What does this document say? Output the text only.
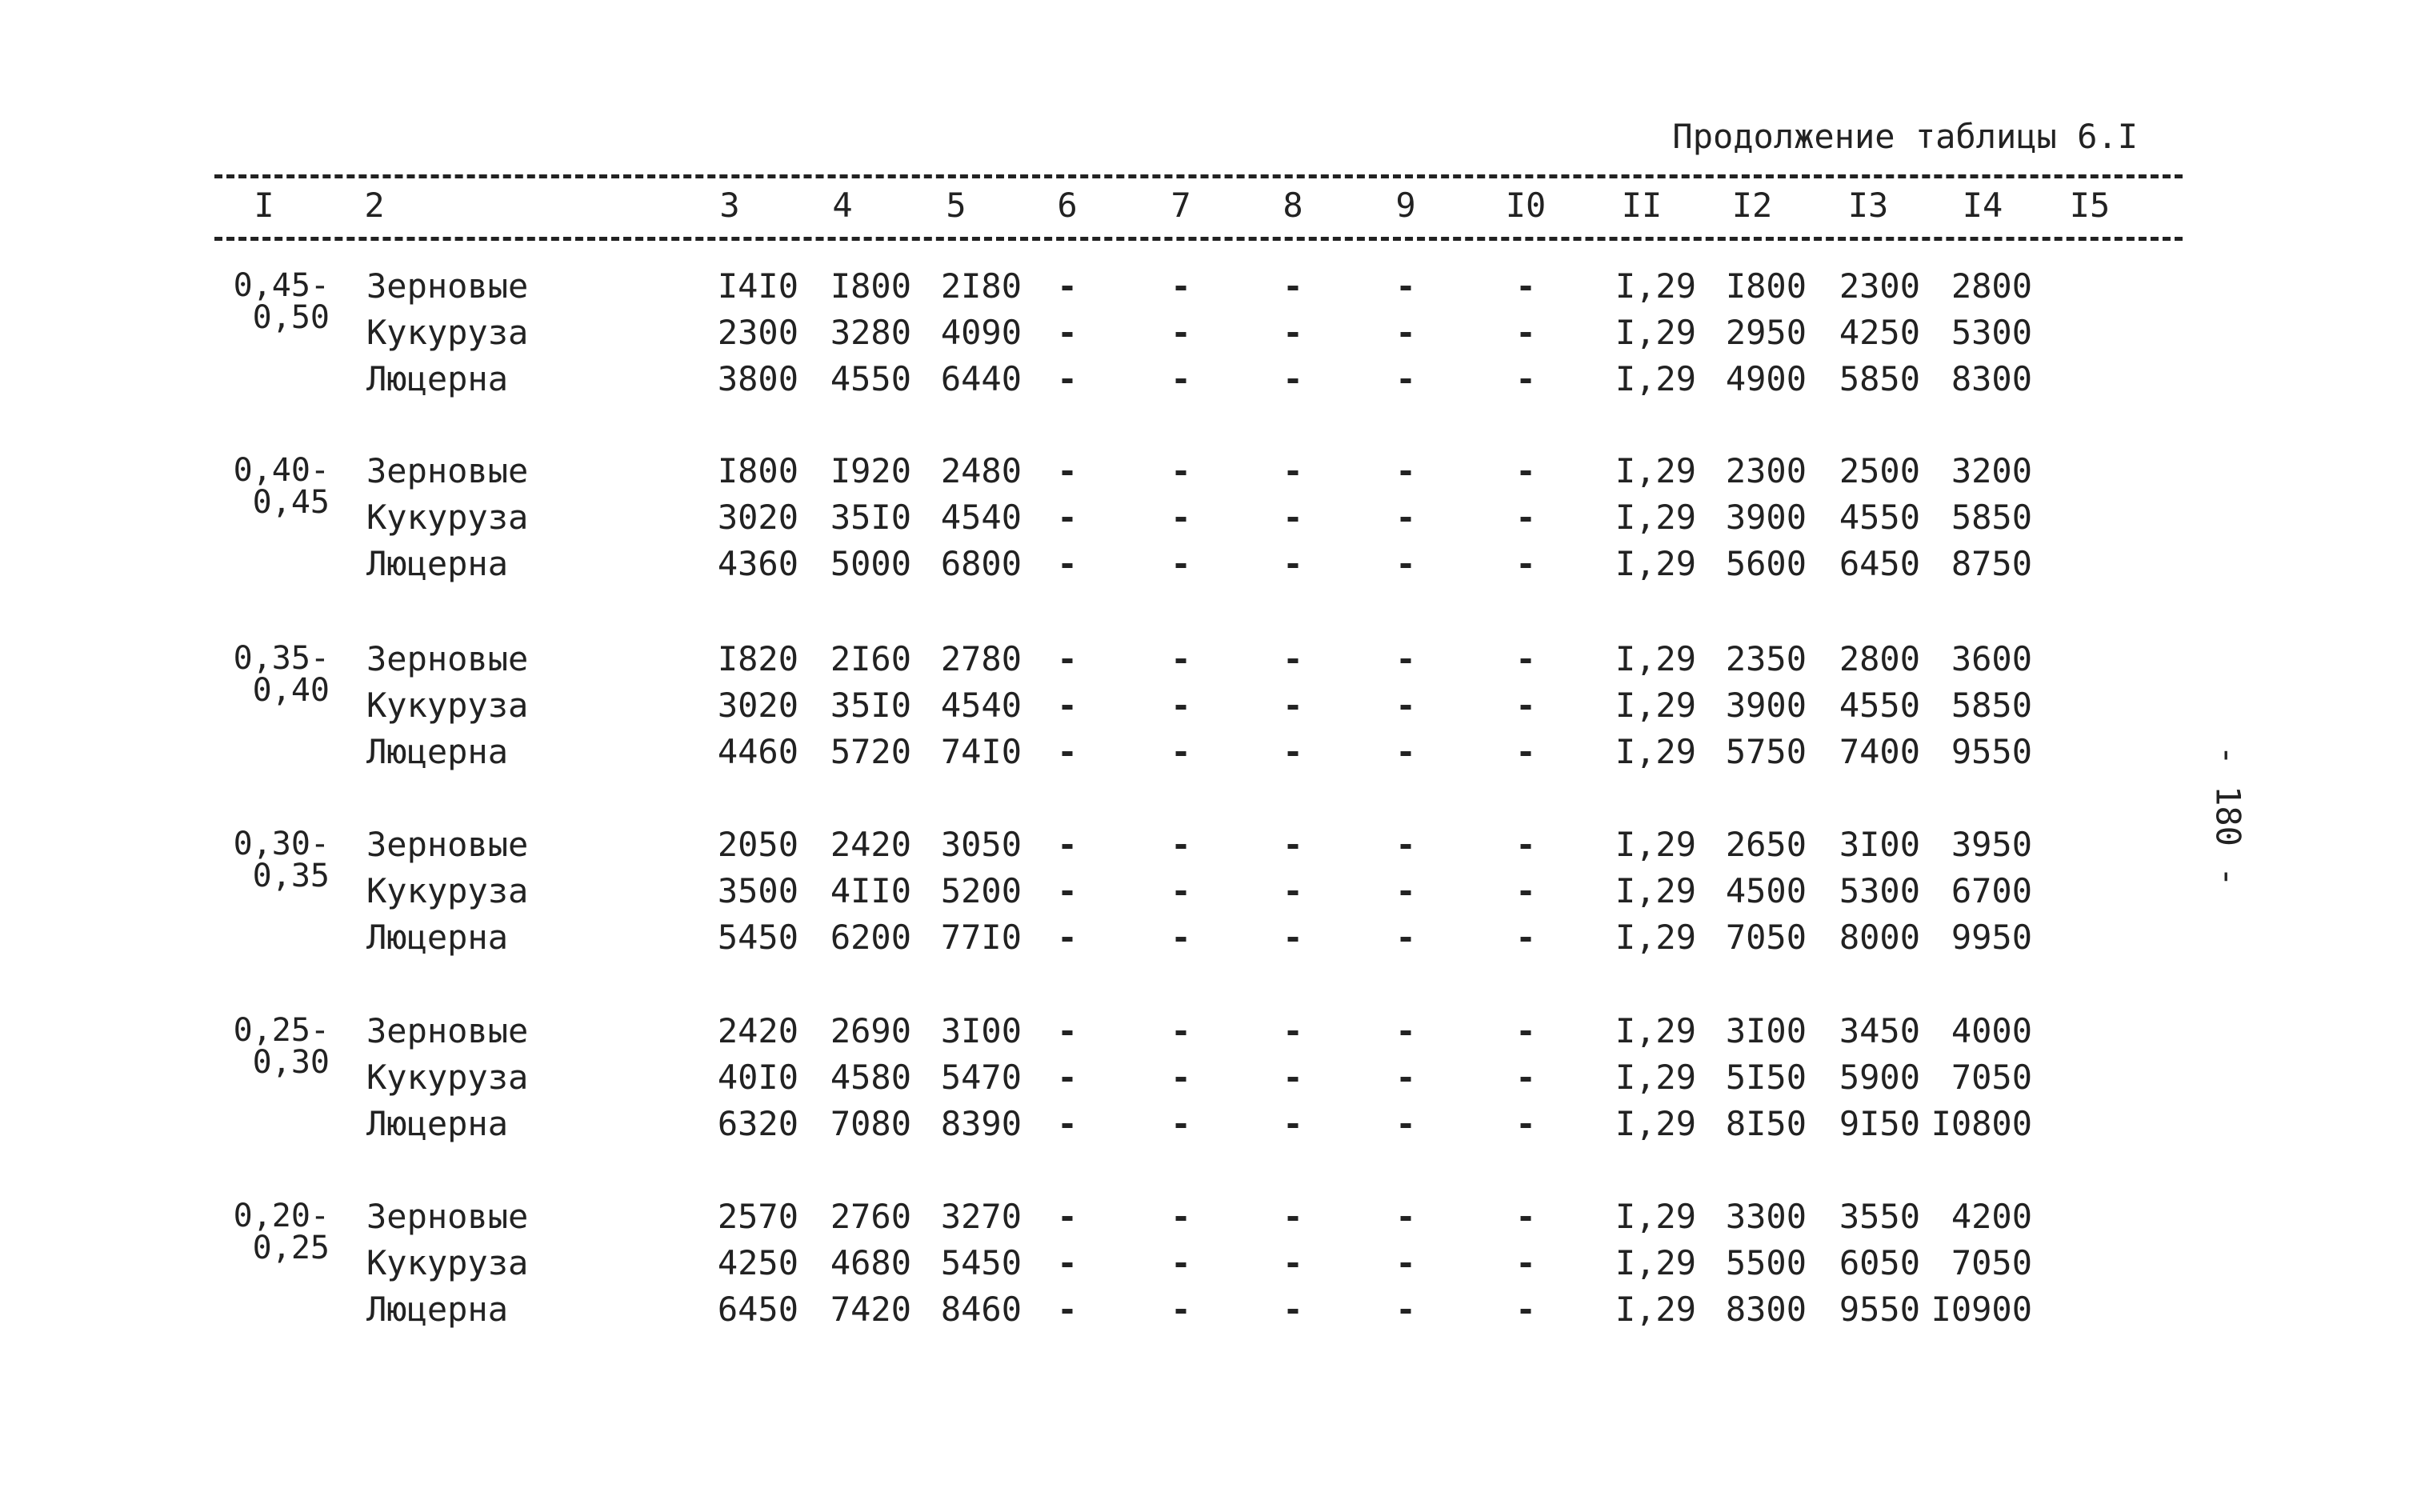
Продолжение таблицы 6.I
I	2	3	4	5	6	7	8	9	I0 II I2 I3 I4 I5
0,45-
0,50
Зерновые	I4I0 I800 2I80 -	-	-	-	- I,29 I800 2300 2800
Кукуруза	2300 3280 4090 -	-	-	-	- I,29 2950 4250 5300
Люцерна	3800 4550 6440 -	-	-	-	- I,29 4900 5850 8300
0,40-
0,45
Зерновые	I800 I920 2480 -	-	-	-	- I,29 2300 2500 3200
Кукуруза	3020 35I0 4540 -	-	-	-	- I,29 3900 4550 5850
Люцерна	4360 5000 6800 -	-	-	-	- I,29 5600 6450 8750
0,35-
0,40
Зерновые	I820 2I60 2780 -	-	-	-	- I,29 2350 2800 3600
Кукуруза	3020 35I0 4540 -	-	-	-	- I,29 3900 4550 5850
Люцерна	4460 5720 74I0 -	-	-	-	- I,29 5750 7400 9550
0,30-
0,35
Зерновые	2050 2420 3050 -	-	-	-	- I,29 2650 3I00 3950
Кукуруза	3500 4II0 5200 -	-	-	-	- I,29 4500 5300 6700
Люцерна	5450 6200 77I0 -	-	-	-	- I,29 7050 8000 9950
0,25-
0,30
Зерновые	2420 2690 3I00 -	-	-	-	- I,29 3I00 3450 4000
Кукуруза	40I0 4580 5470 -	-	-	-	- I,29 5I50 5900 7050
Люцерна	6320 7080 8390 -	-	-	-	- I,29 8I50 9I50 I0800
0,20-
0,25
Зерновые	2570 2760 3270 -	-	-	-	- I,29 3300 3550 4200
Кукуруза	4250 4680 5450 -	-	-	-	- I,29 5500 6050 7050
Люцерна	6450 7420 8460 -	-	-	-	- I,29 8300 9550 I0900
- 180 -
